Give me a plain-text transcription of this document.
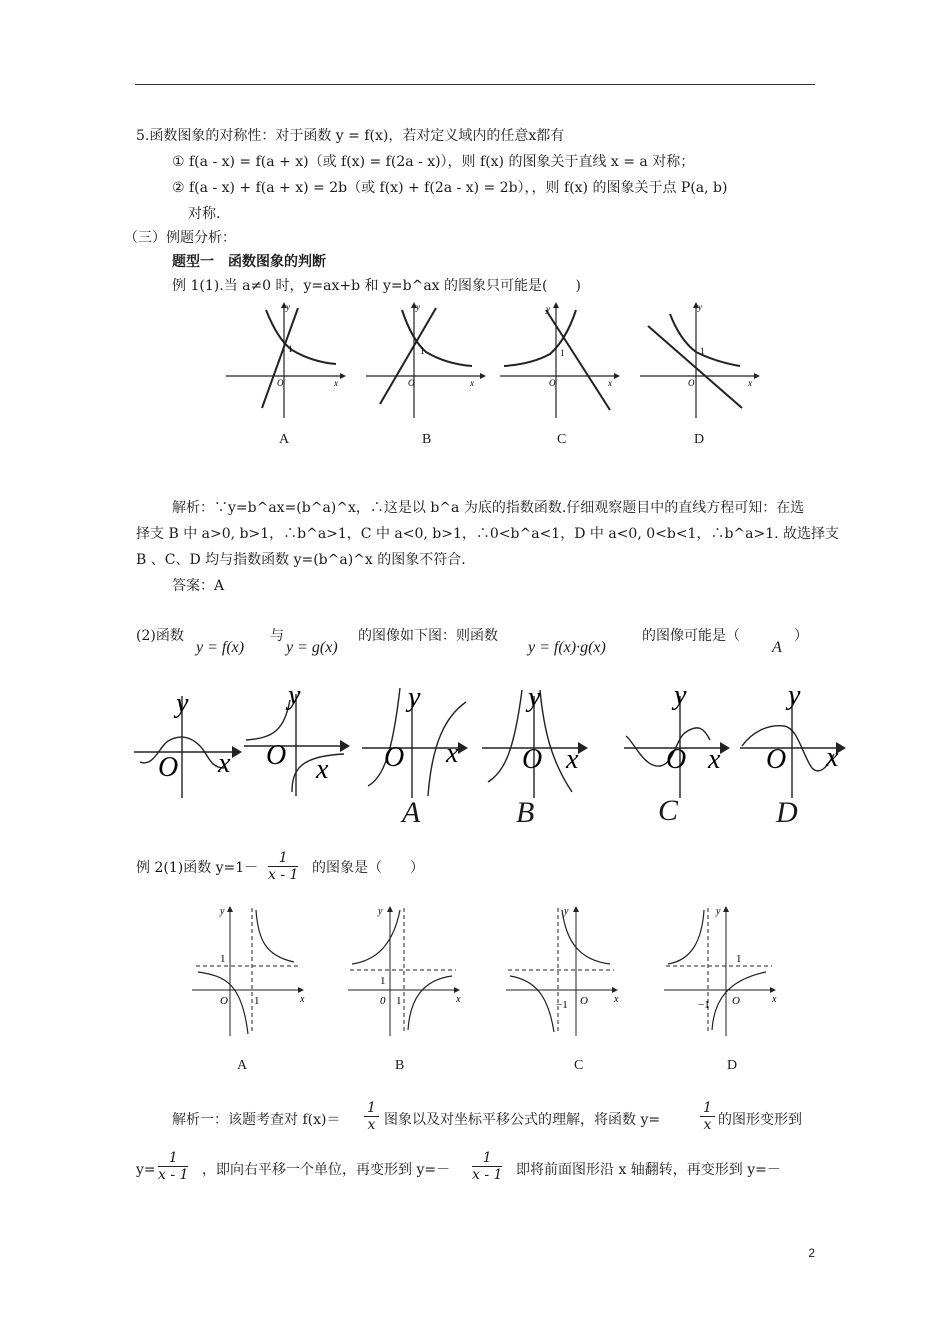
5.函数图象的对称性：对于函数 y = f(x)，若对定义域内的任意x都有
① f(a - x) = f(a + x)（或 f(x) = f(2a - x)），则 f(x) 的图象关于直线 x = a 对称；
② f(a - x) + f(a + x) = 2b（或 f(x) + f(2a - x) = 2b），，则 f(x) 的图象关于点 P(a, b)
对称.
（三）例题分析：
题型一　函数图象的判断
例 1(1).当 a≠0 时，y=ax+b 和 y=b^ax 的图象只可能是(　　)
O
1
x
y
O
1
x
y
O
1
x
y
O
1
x
y
A	B	C	D
解析：∵y=b^ax=(b^a)^x，∴这是以 b^a 为底的指数函数.仔细观察题目中的直线方程可知：在选
择支 B 中 a>0, b>1，∴b^a>1，C 中 a<0, b>1，∴0<b^a<1，D 中 a<0, 0<b<1，∴b^a>1. 故选择支
B 、C、D 均与指数函数 y=(b^a)^x 的图象不符合.
答案：A
(2)函数
y = f(x)
与
y = g(x)
的图像如下图：则函数
y = f(x)·g(x)
的图像可能是（
A
）
y
O x
y
O x
y
O x
y
O x
y
O x
y
O x
A	B	C	D
例 2(1)函数 $y=1- \frac{1}{x - 1}$ 的图象是（　　）
y
1
O 1	x
y
1
0 1	x
y
−1 O	x
y
1
−1 O	x
A	B	C	D
解析一：该题考查对 $f(x)= \frac{1}{x}$ 图象以及对坐标平移公式的理解，将函数 y=	$\frac{1}{x}$ 的图形变形到
$y= \frac{1}{x - 1}$ ，即向右平移一个单位，再变形到 $y=- \frac{1}{x - 1}$ 即将前面图形沿 x 轴翻转，再变形到 y=－
2
